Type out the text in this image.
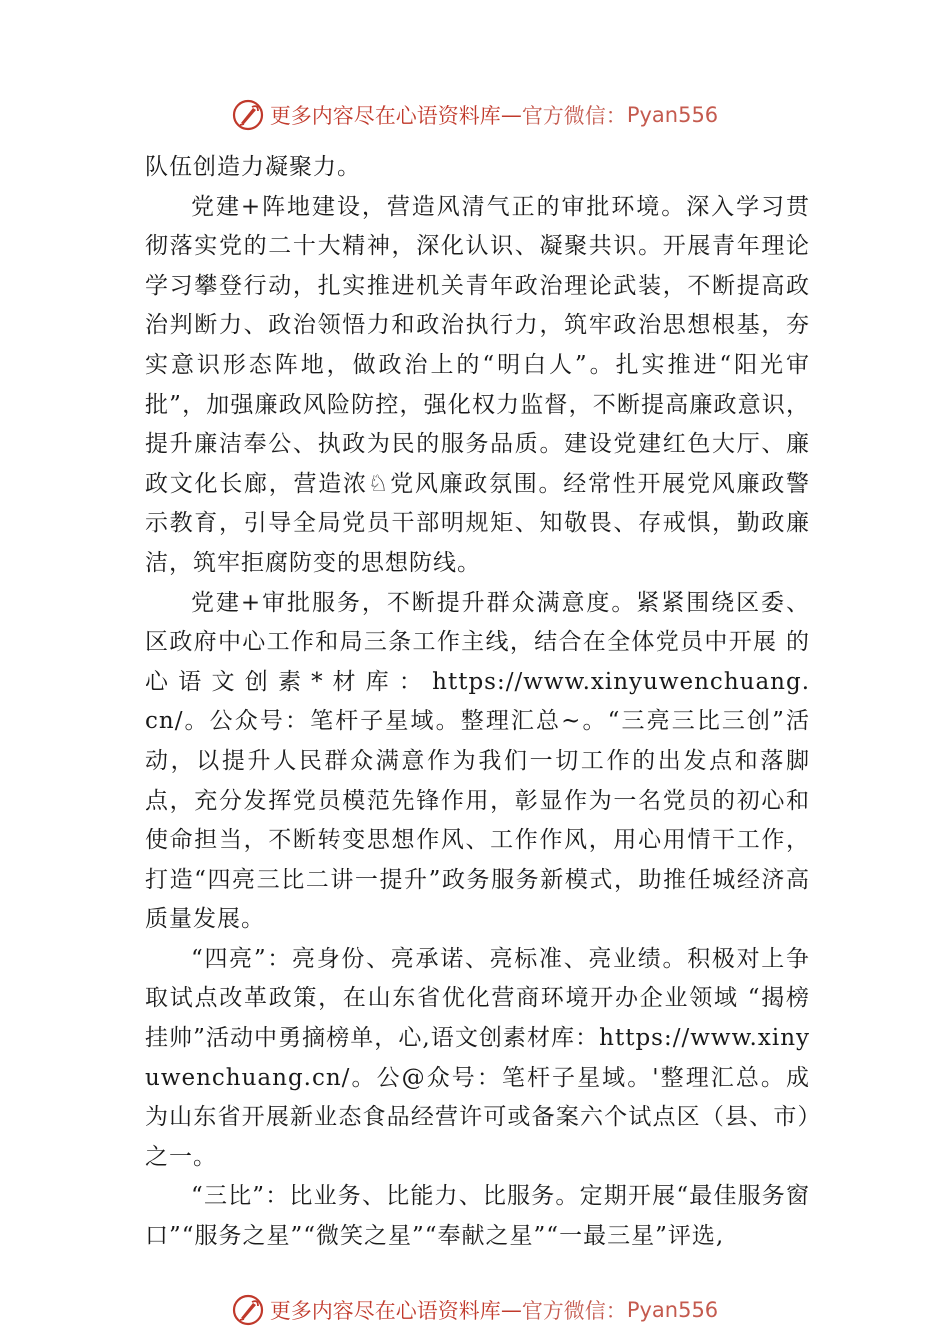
更多内容尽在心语资料库 — 官方微信： Pyan556

队伍创造力凝聚力。

党建+阵地建设，营造风清气正的审批环境。深入学习贯彻落实党的二十大精神，深化认识、凝聚共识。开展青年理论学习攀登行动，扎实推进机关青年政治理论武装，不断提高政治判断力、政治领悟力和政治执行力，筑牢政治思想根基，夯实意识形态阵地，做政治上的“明白人”。扎实推进“阳光审批”，加强廉政风险防控，强化权力监督，不断提高廉政意识，提升廉洁奉公、执政为民的服务品质。建设党建红色大厅、廉政文化长廊，营造浓♘党风廉政氛围。经常性开展党风廉政警示教育，引导全局党员干部明规矩、知敬畏、存戒惧，勤政廉洁，筑牢拒腐防变的思想防线。

党建+审批服务，不断提升群众满意度。紧紧围绕区委、区政府中心工作和局三条工作主线，结合在全体党员中开展 的 心 语 文 创 素 * 材 库 ： https://www.xinyuwenchuang.cn/。公众号：笔杆子星域。整理汇总~。“三亮三比三创”活动，以提升人民群众满意作为我们一切工作的出发点和落脚点，充分发挥党员模范先锋作用，彰显作为一名党员的初心和使命担当，不断转变思想作风、工作作风，用心用情干工作，打造“四亮三比二讲一提升”政务服务新模式，助推任城经济高质量发展。

“四亮”：亮身份、亮承诺、亮标准、亮业绩。积极对上争取试点改革政策，在山东省优化营商环境开办企业领域 “揭榜挂帅”活动中勇摘榜单，心,语文创素材库：https://www.xinyuwenchuang.cn/。公@众号：笔杆子星域。'整理汇总。成为山东省开展新业态食品经营许可或备案六个试点区（县、市）之一。

“三比”：比业务、比能力、比服务。定期开展“最佳服务窗口”“服务之星”“微笑之星”“奉献之星”“一最三星”评选,

更多内容尽在心语资料库 — 官方微信： Pyan556
